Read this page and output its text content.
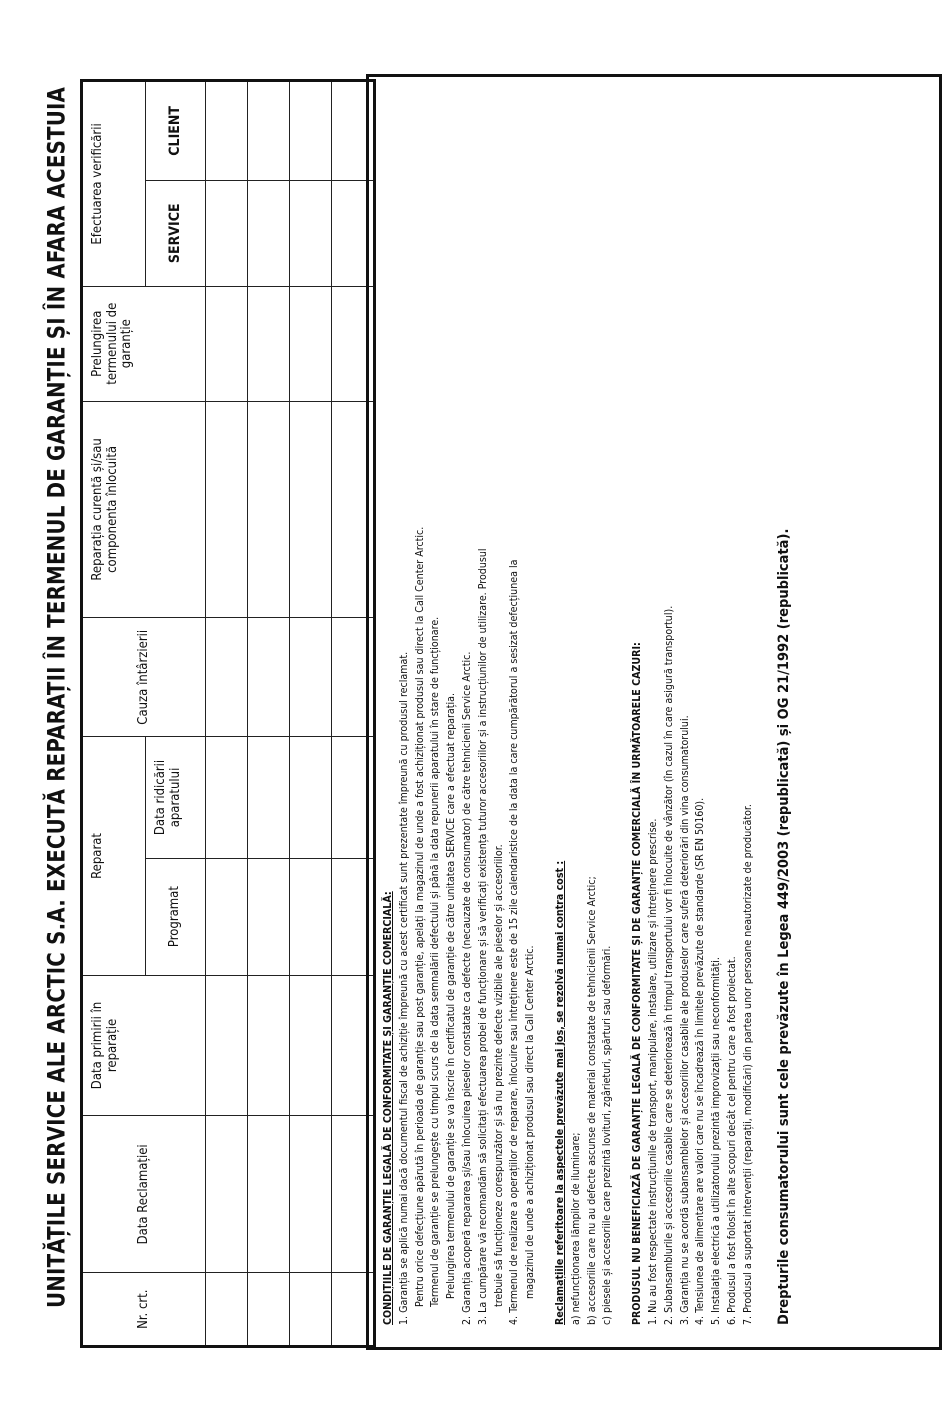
UNITĂȚILE SERVICE ALE ARCTIC S.A. EXECUTĂ REPARAȚII ÎN TERMENUL DE GARANȚIE ȘI ÎN AFARA ACESTUIA
Nr. crt.	Data Reclamației	Data primirii în reparație	Reparat		Cauza întârzierii	Reparația curentă și/sau componenta înlocuită	Prelungirea termenului de garanție	Efectuarea verificării	
			Programat	Data ridicării aparatului				SERVICE	CLIENT

CONDIȚIILE DE GARANȚIE LEGALĂ DE CONFORMITATE ȘI GARANȚIE COMERCIALĂ: 1. Garanția se aplică numai dacă documentul fiscal de achiziție împreună cu acest certificat sunt prezentate împreună cu produsul reclamat. Pentru orice defecțiune apărută în perioada de garanție sau post garanție, apelați la magazinul de unde a fost achiziționat produsul sau direct la Call Center Arctic. Termenul de garanție se prelungește cu timpul scurs de la data semnalării defectului și până la data repunerii aparatului în stare de funcționare. Prelungirea termenului de garanție se va înscrie în certificatul de garanție de către unitatea SERVICE care a efectuat reparația. 2. Garanția acoperă repararea și/sau înlocuirea pieselor constatate ca defecte (necauzate de consumator) de către tehnicienii Service Arctic. 3. La cumpărare vă recomandăm să solicitați efectuarea probei de funcționare și să verificați existența tuturor accesoriilor și a instrucțiunilor de utilizare. Produsul trebuie să funcționeze corespunzător și să nu prezinte defecte vizibile ale pieselor și accesoriilor. 4. Termenul de realizare a operațiilor de reparare, înlocuire sau întreținere este de 15 zile calendaristice de la data la care cumpărătorul a sesizat defecțiunea la magazinul de unde a achiziționat produsul sau direct la Call Center Arctic. Reclamațiile referitoare la aspectele prevăzute mai jos, se rezolvă numai contra cost : a) nefuncționarea lămpilor de iluminare; b) accesoriile care nu au defecte ascunse de material constatate de tehnicienii Service Arctic; c) piesele și accesoriile care prezintă lovituri, zgârieturi, spărturi sau deformări. PRODUSUL NU BENEFICIAZĂ DE GARANȚIE LEGALĂ DE CONFORMITATE ȘI DE GARANȚIE COMERCIALĂ ÎN URMĂTOARELE CAZURI: 1. Nu au fost respectate instrucțiunile de transport, manipulare, instalare, utilizare și întreținere prescrise. 2. Subansamblurile și accesoriile casabile care se deteriorează în timpul transportului vor fi înlocuite de vânzător (în cazul în care asigură transportul). 3. Garanția nu se acordă subansamblelor și accesoriilor casabile ale produselor care suferă deteriorări din vina consumatorului. 4. Tensiunea de alimentare are valori care nu se încadrează în limitele prevăzute de standarde (SR EN 50160). 5. Instalația electrică a utilizatorului prezintă improvizații sau neconformități. 6. Produsul a fost folosit în alte scopuri decât cel pentru care a fost proiectat. 7. Produsul a suportat intervenții (reparații, modificări) din partea unor persoane neautorizate de producător. Drepturile consumatorului sunt cele prevăzute în Legea 449/2003 (republicată) și OG 21/1992 (republicată).
